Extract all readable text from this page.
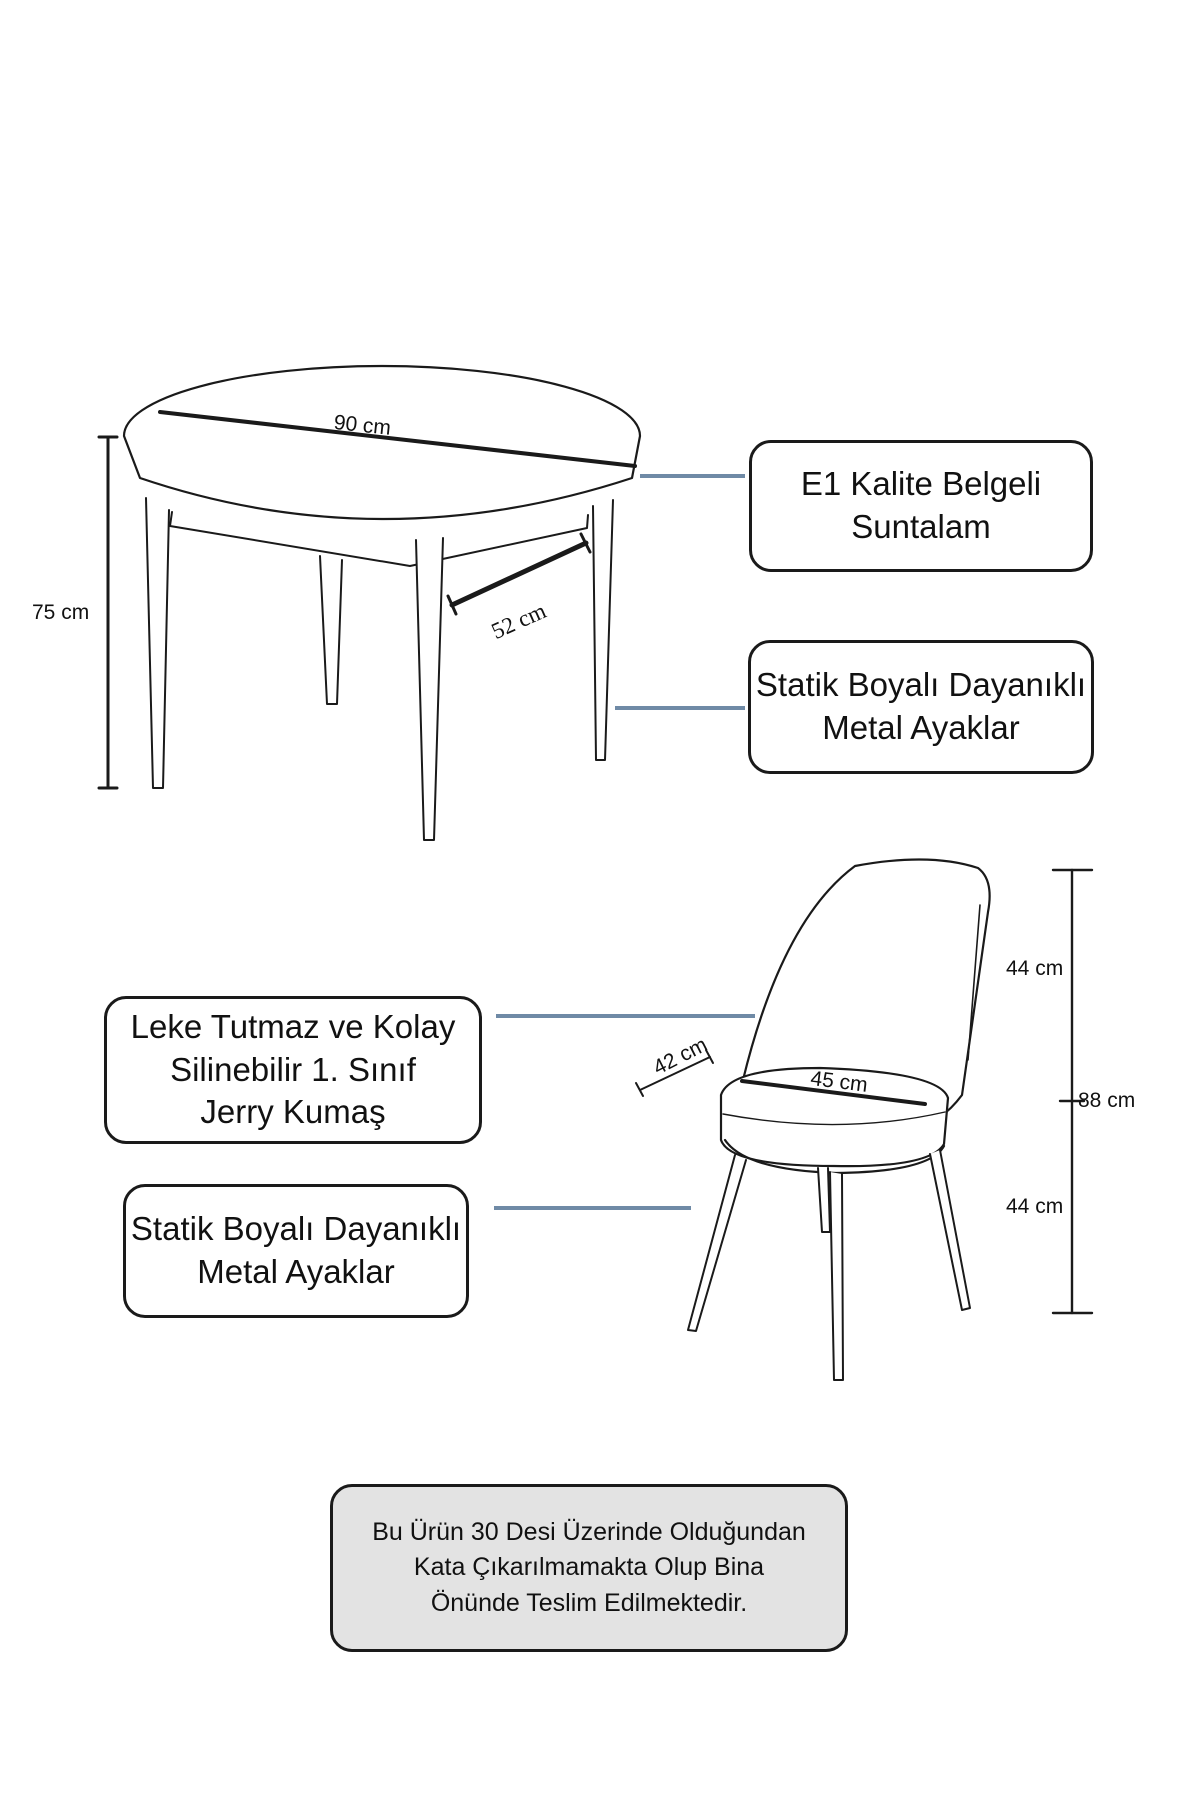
90 cm
75 cm	52 cm
44 cm
88 cm
44 cm
42 cm
45 cm
E1 Kalite Belgeli
Suntalam
Statik Boyalı Dayanıklı
Metal Ayaklar
Leke Tutmaz ve Kolay
Silinebilir 1. Sınıf
Jerry Kumaş
Statik Boyalı Dayanıklı
Metal Ayaklar
Bu Ürün 30 Desi Üzerinde Olduğundan
Kata Çıkarılmamakta Olup Bina
Önünde Teslim Edilmektedir.
